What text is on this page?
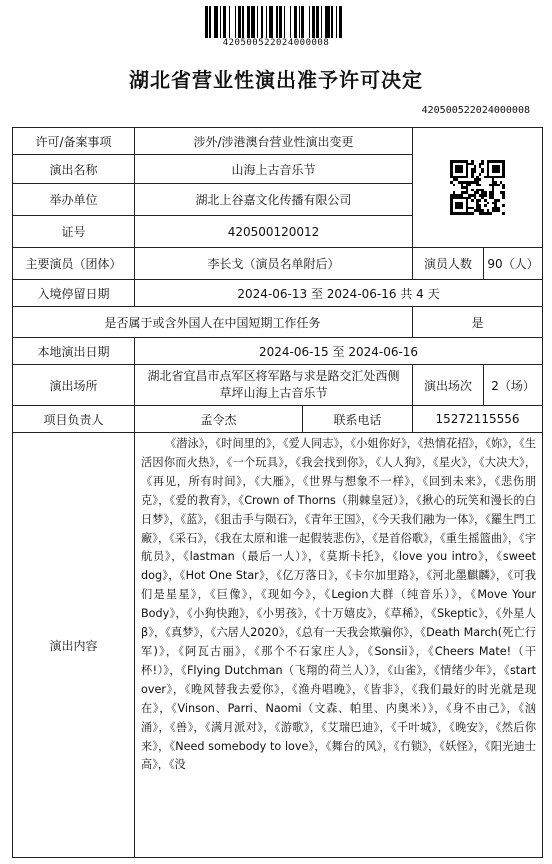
420500522024000008
湖北省营业性演出准予许可决定
420500522024000008
许可/备案事项	涉外/涉港澳台营业性演出变更		

演出名称	山海上古音乐节		
举办单位	湖北上谷嘉文化传播有限公司		
证号	420500120012		
主要演员（团体）	李长戈（演员名单附后）		演员人数 90（人）

入境停留日期	2024-06-13 至 2024-06-16 共 4 天		
是否属于或含外国人在中国短期工作任务			是
本地演出日期	2024-06-15 至 2024-06-16		
演出场所	湖北省宜昌市点军区将军路与求是路交汇处西侧草坪山海上古音乐节		演出场次 2（场）

项目负责人	孟令杰	联系电话	15272115556
演出内容	《潜泳》，《时间里的》，《爱人同志》，《小姐你好》，《热情花招》，《妳》，《生活因你而火热》，《一个玩具》，《我会找到你》，《人人狗》，《星火》，《大决大》，《再见，所有时间》，《大雁》，《世界与想象不一样》，《回到未来》，《悲伤朋克》，《爱的教育》，《Crown of Thorns（荆棘皇冠）》，《揪心的玩笑和漫长的白日梦》，《蓝》，《狙击手与陨石》，《青年王国》，《今天我们融为一体》，《羅生門工廠》，《采石》，《我在太原和谁一起假装悲伤》，《是首俗歌》，《重生摇篮曲》，《宇航员》，《lastman（最后一人）》，《莫斯卡托》，《love you intro》，《sweet dog》，《Hot One Star》，《亿万落日》，《卡尔加里路》，《河北墨麒麟》，《可我们是星星》，《巨像》，《现如今》，《Legion大群（纯音乐）》，《Move Your Body》，《小狗快跑》，《小男孩》，《十万嬉皮》，《草稀》，《Skeptic》，《外星人β》，《真梦》，《六居人2020》，《总有一天我会欺骗你》，《Death March(死亡行军)》，《阿瓦古丽》，《那个不石家庄人》，《Sonsii》，《Cheers Mate!（干杯!）》，《Flying Dutchman（飞翔的荷兰人）》，《山雀》，《情绪少年》，《start over》，《晚风替我去爱你》，《渔舟唱晚》，《皆非》，《我们最好的时光就是现在》，《Vinson、Parri、Naomi（文森、帕里、内奥米）》，《身不由己》，《汹涌》，《兽》，《满月派对》，《游歌》，《艾瑞巴迪》，《千叶城》，《晚安》，《然后你来》，《Need somebody to love》，《舞台的风》，《冇锁》，《妖怪》，《阳光迪士高》，《没		
